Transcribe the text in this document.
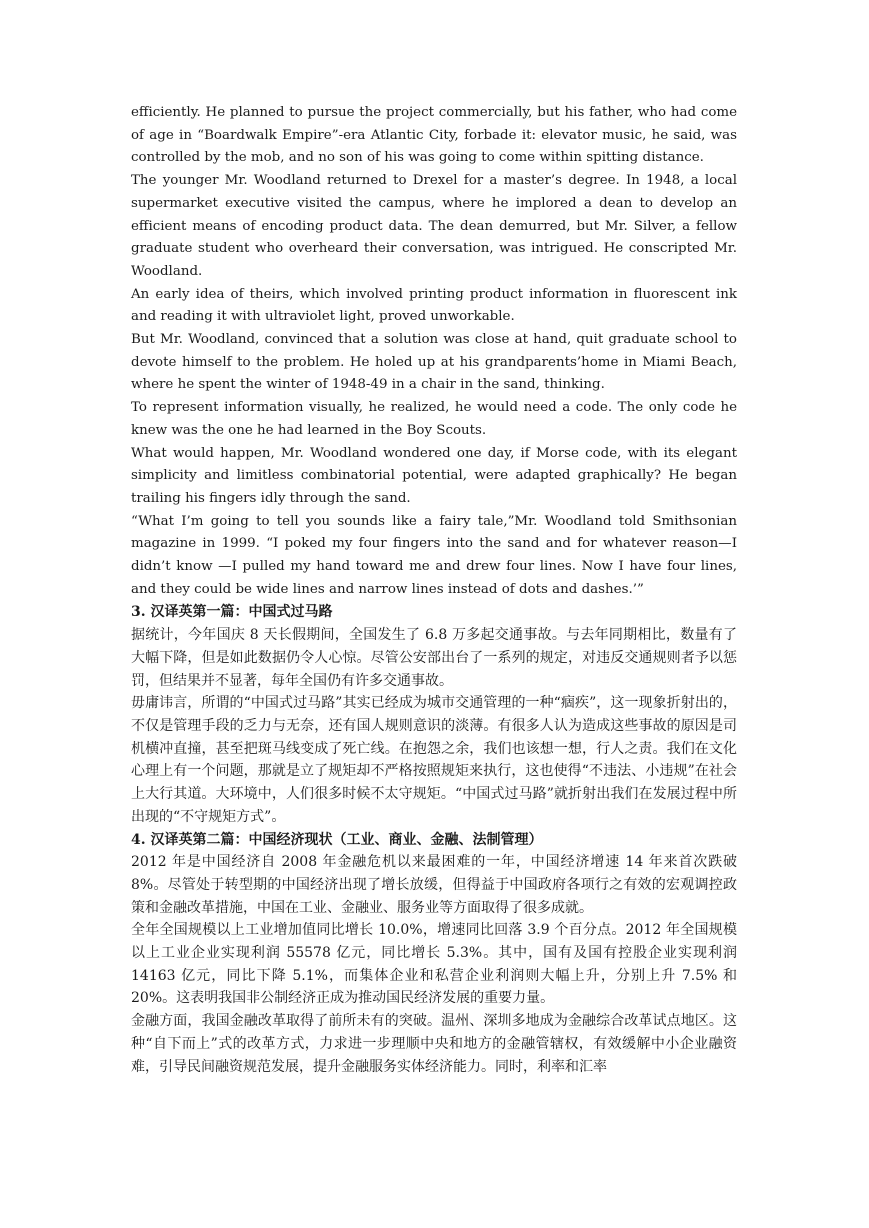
efficiently. He planned to pursue the project commercially, but his father, who had come of age in “Boardwalk Empire”-era Atlantic City, forbade it: elevator music, he said, was controlled by the mob, and no son of his was going to come within spitting distance.

The younger Mr. Woodland returned to Drexel for a master’s degree. In 1948, a local supermarket executive visited the campus, where he implored a dean to develop an efficient means of encoding product data. The dean demurred, but Mr. Silver, a fellow graduate student who overheard their conversation, was intrigued. He conscripted Mr. Woodland.

An early idea of theirs, which involved printing product information in fluorescent ink and reading it with ultraviolet light, proved unworkable.

But Mr. Woodland, convinced that a solution was close at hand, quit graduate school to devote himself to the problem. He holed up at his grandparents’home in Miami Beach, where he spent the winter of 1948-49 in a chair in the sand, thinking.

To represent information visually, he realized, he would need a code. The only code he knew was the one he had learned in the Boy Scouts.

What would happen, Mr. Woodland wondered one day, if Morse code, with its elegant simplicity and limitless combinatorial potential, were adapted graphically? He began trailing his fingers idly through the sand.

“What I’m going to tell you sounds like a fairy tale,”Mr. Woodland told Smithsonian magazine in 1999. “I poked my four fingers into the sand and for whatever reason—I didn’t know —I pulled my hand toward me and drew four lines. Now I have four lines, and they could be wide lines and narrow lines instead of dots and dashes.’”

3. 汉译英第一篇：中国式过马路

据统计，今年国庆 8 天长假期间，全国发生了 6.8 万多起交通事故。与去年同期相比，数量有了大幅下降，但是如此数据仍令人心惊。尽管公安部出台了一系列的规定，对违反交通规则者予以惩罚，但结果并不显著，每年全国仍有许多交通事故。

毋庸讳言，所谓的“中国式过马路”其实已经成为城市交通管理的一种“痼疾”，这一现象折射出的，不仅是管理手段的乏力与无奈，还有国人规则意识的淡薄。有很多人认为造成这些事故的原因是司机横冲直撞，甚至把斑马线变成了死亡线。在抱怨之余，我们也该想一想，行人之责。我们在文化心理上有一个问题，那就是立了规矩却不严格按照规矩来执行，这也使得“不违法、小违规”在社会上大行其道。大环境中，人们很多时候不太守规矩。“中国式过马路”就折射出我们在发展过程中所出现的“不守规矩方式”。

4. 汉译英第二篇：中国经济现状（工业、商业、金融、法制管理）

2012 年是中国经济自 2008 年金融危机以来最困难的一年，中国经济增速 14 年来首次跌破 8%。尽管处于转型期的中国经济出现了增长放缓，但得益于中国政府各项行之有效的宏观调控政策和金融改革措施，中国在工业、金融业、服务业等方面取得了很多成就。

全年全国规模以上工业增加值同比增长 10.0%，增速同比回落 3.9 个百分点。2012 年全国规模以上工业企业实现利润 55578 亿元，同比增长 5.3%。其中，国有及国有控股企业实现利润 14163 亿元，同比下降 5.1%，而集体企业和私营企业利润则大幅上升，分别上升 7.5% 和 20%。这表明我国非公制经济正成为推动国民经济发展的重要力量。

金融方面，我国金融改革取得了前所未有的突破。温州、深圳多地成为金融综合改革试点地区。这种“自下而上”式的改革方式，力求进一步理顺中央和地方的金融管辖权，有效缓解中小企业融资难，引导民间融资规范发展，提升金融服务实体经济能力。同时，利率和汇率
